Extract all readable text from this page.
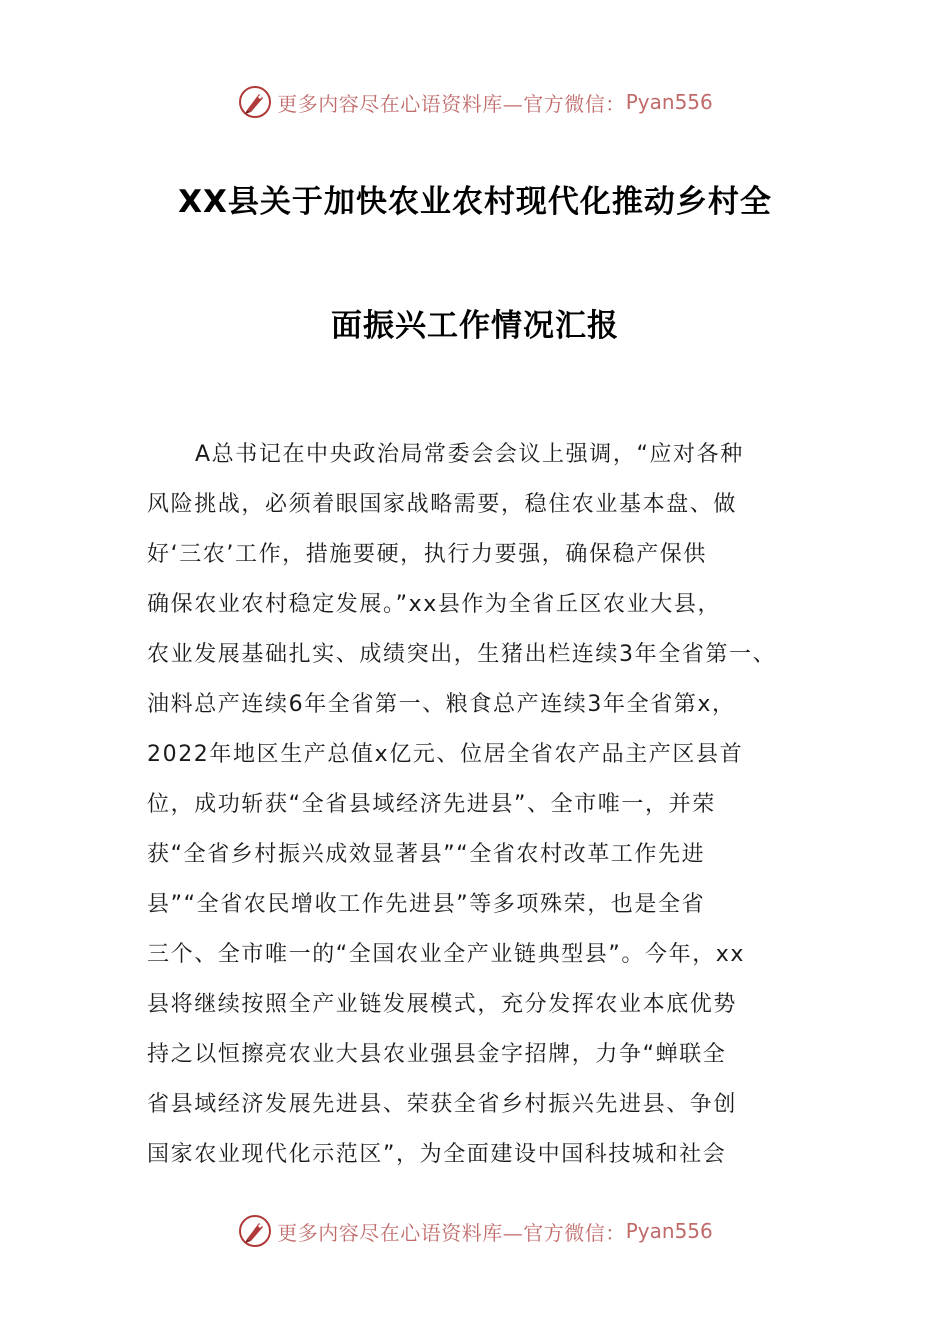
更多内容尽在心语资料库—官方微信： Pyan556
XX县关于加快农业农村现代化推动乡村全
面振兴工作情况汇报
A总书记在中央政治局常委会会议上强调，“应对各种
风险挑战，必须着眼国家战略需要，稳住农业基本盘、做
好‘三农’工作，措施要硬，执行力要强，确保稳产保供
确保农业农村稳定发展。”xx县作为全省丘区农业大县，
农业发展基础扎实、成绩突出，生猪出栏连续3年全省第一、
油料总产连续6年全省第一、粮食总产连续3年全省第x，
2022年地区生产总值x亿元、位居全省农产品主产区县首
位，成功斩获“全省县域经济先进县”、全市唯一，并荣
获“全省乡村振兴成效显著县”“全省农村改革工作先进
县”“全省农民增收工作先进县”等多项殊荣，也是全省
三个、全市唯一的“全国农业全产业链典型县”。今年，xx
县将继续按照全产业链发展模式，充分发挥农业本底优势
持之以恒擦亮农业大县农业强县金字招牌，力争“蝉联全
省县域经济发展先进县、荣获全省乡村振兴先进县、争创
国家农业现代化示范区”，为全面建设中国科技城和社会
更多内容尽在心语资料库—官方微信： Pyan556
